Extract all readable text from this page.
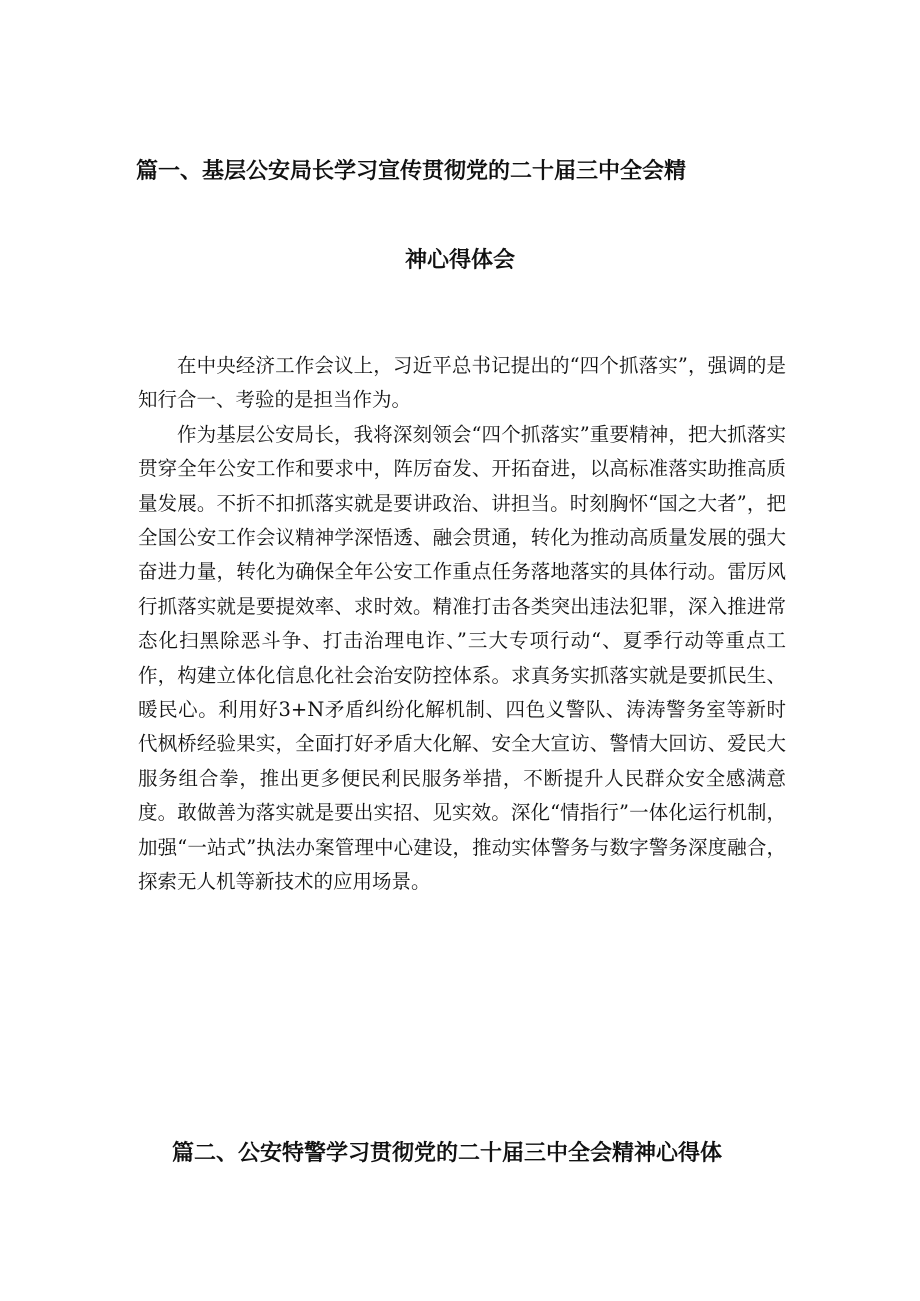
篇一、基层公安局长学习宣传贯彻党的二十届三中全会精
神心得体会

在中央经济工作会议上，习近平总书记提出的“四个抓落实”，强调的是知行合一、考验的是担当作为。

作为基层公安局长，我将深刻领会“四个抓落实”重要精神，把大抓落实贯穿全年公安工作和要求中，阵厉奋发、开拓奋进，以高标准落实助推高质量发展。不折不扣抓落实就是要讲政治、讲担当。时刻胸怀“国之大者”，把全国公安工作会议精神学深悟透、融会贯通，转化为推动高质量发展的强大奋进力量，转化为确保全年公安工作重点任务落地落实的具体行动。雷厉风行抓落实就是要提效率、求时效。精准打击各类突出违法犯罪，深入推进常态化扫黑除恶斗争、打击治理电诈、”三大专项行动“、夏季行动等重点工作，构建立体化信息化社会治安防控体系。求真务实抓落实就是要抓民生、暖民心。利用好3+N矛盾纠纷化解机制、四色义警队、涛涛警务室等新时代枫桥经验果实，全面打好矛盾大化解、安全大宣访、警情大回访、爱民大服务组合拳，推出更多便民利民服务举措，不断提升人民群众安全感满意度。敢做善为落实就是要出实招、见实效。深化“情指行”一体化运行机制，加强“一站式”执法办案管理中心建设，推动实体警务与数字警务深度融合，探索无人机等新技术的应用场景。

篇二、公安特警学习贯彻党的二十届三中全会精神心得体
